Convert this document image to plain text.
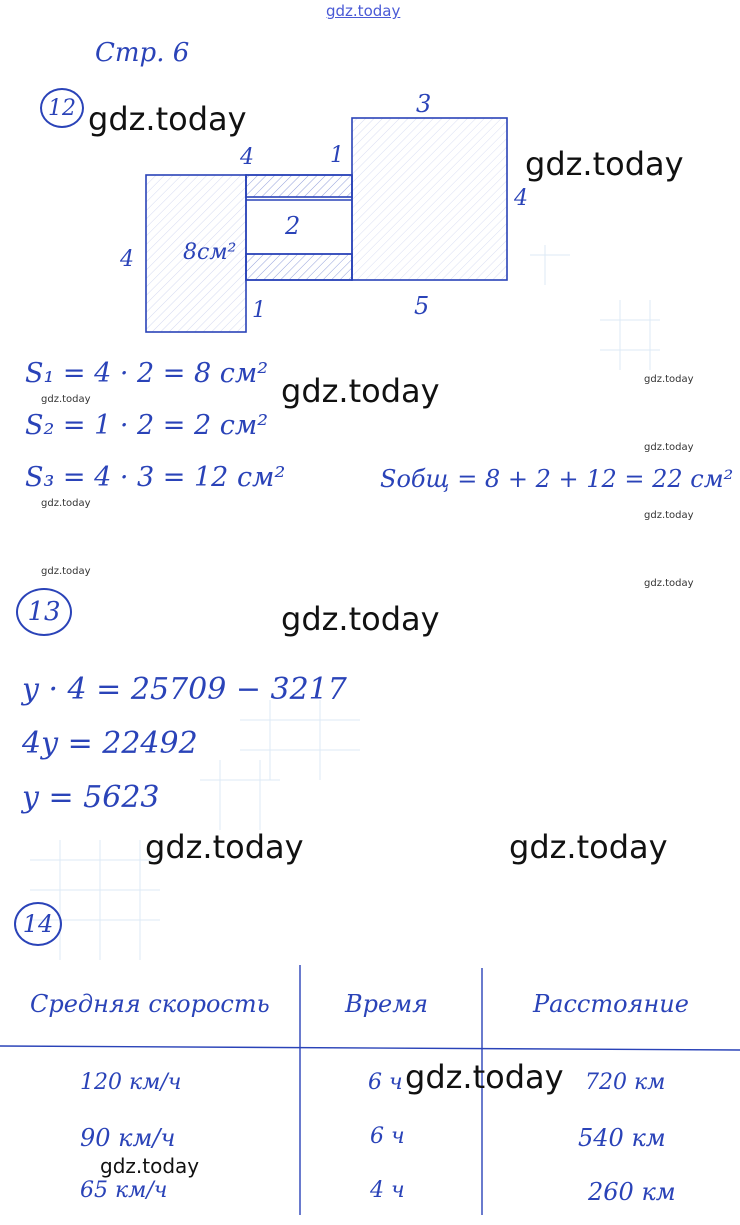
gdz.today
Стр. 6
12 gdz.today
4	1
3
gdz.today
4
4 8см²
2
1	5
S₁ = 4 · 2 = 8 см² gdz.today	gdz.today
gdz.today
S₂ = 1 · 2 = 2 см²
gdz.today
S₃ = 4 · 3 = 12 см²	Sобщ = 8 + 2 + 12 = 22 см²
gdz.today
gdz.today
gdz.today
gdz.today
13	gdz.today
y · 4 = 25709 − 3217
4y = 22492
y = 5623
gdz.today	gdz.today
14
Средняя скорость	Время	Расстояние
120 км/ч	6 ч gdz.today 720 км
90 км/ч	6 ч	540 км
gdz.today
65 км/ч	4 ч	260 км
